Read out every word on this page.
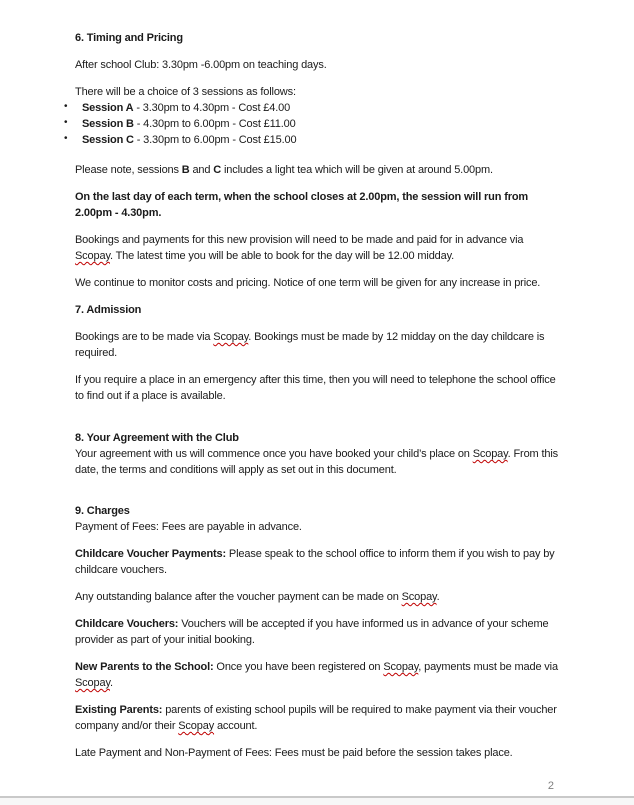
6. Timing and Pricing
After school Club: 3.30pm -6.00pm on teaching days.
There will be a choice of 3 sessions as follows:
• Session A - 3.30pm to 4.30pm - Cost £4.00
• Session B - 4.30pm to 6.00pm - Cost £11.00
• Session C - 3.30pm to 6.00pm - Cost £15.00
Please note, sessions B and C includes a light tea which will be given at around 5.00pm.
On the last day of each term, when the school closes at 2.00pm, the session will run from 2.00pm - 4.30pm.
Bookings and payments for this new provision will need to be made and paid for in advance via Scopay. The latest time you will be able to book for the day will be 12.00 midday.
We continue to monitor costs and pricing. Notice of one term will be given for any increase in price.
7. Admission
Bookings are to be made via Scopay. Bookings must be made by 12 midday on the day childcare is required.
If you require a place in an emergency after this time, then you will need to telephone the school office to find out if a place is available.
8. Your Agreement with the Club
Your agreement with us will commence once you have booked your child’s place on Scopay. From this date, the terms and conditions will apply as set out in this document.
9. Charges
Payment of Fees: Fees are payable in advance.
Childcare Voucher Payments: Please speak to the school office to inform them if you wish to pay by childcare vouchers.
Any outstanding balance after the voucher payment can be made on Scopay.
Childcare Vouchers: Vouchers will be accepted if you have informed us in advance of your scheme provider as part of your initial booking.
New Parents to the School: Once you have been registered on Scopay, payments must be made via Scopay.
Existing Parents: parents of existing school pupils will be required to make payment via their voucher company and/or their Scopay account.
Late Payment and Non-Payment of Fees: Fees must be paid before the session takes place.
2
